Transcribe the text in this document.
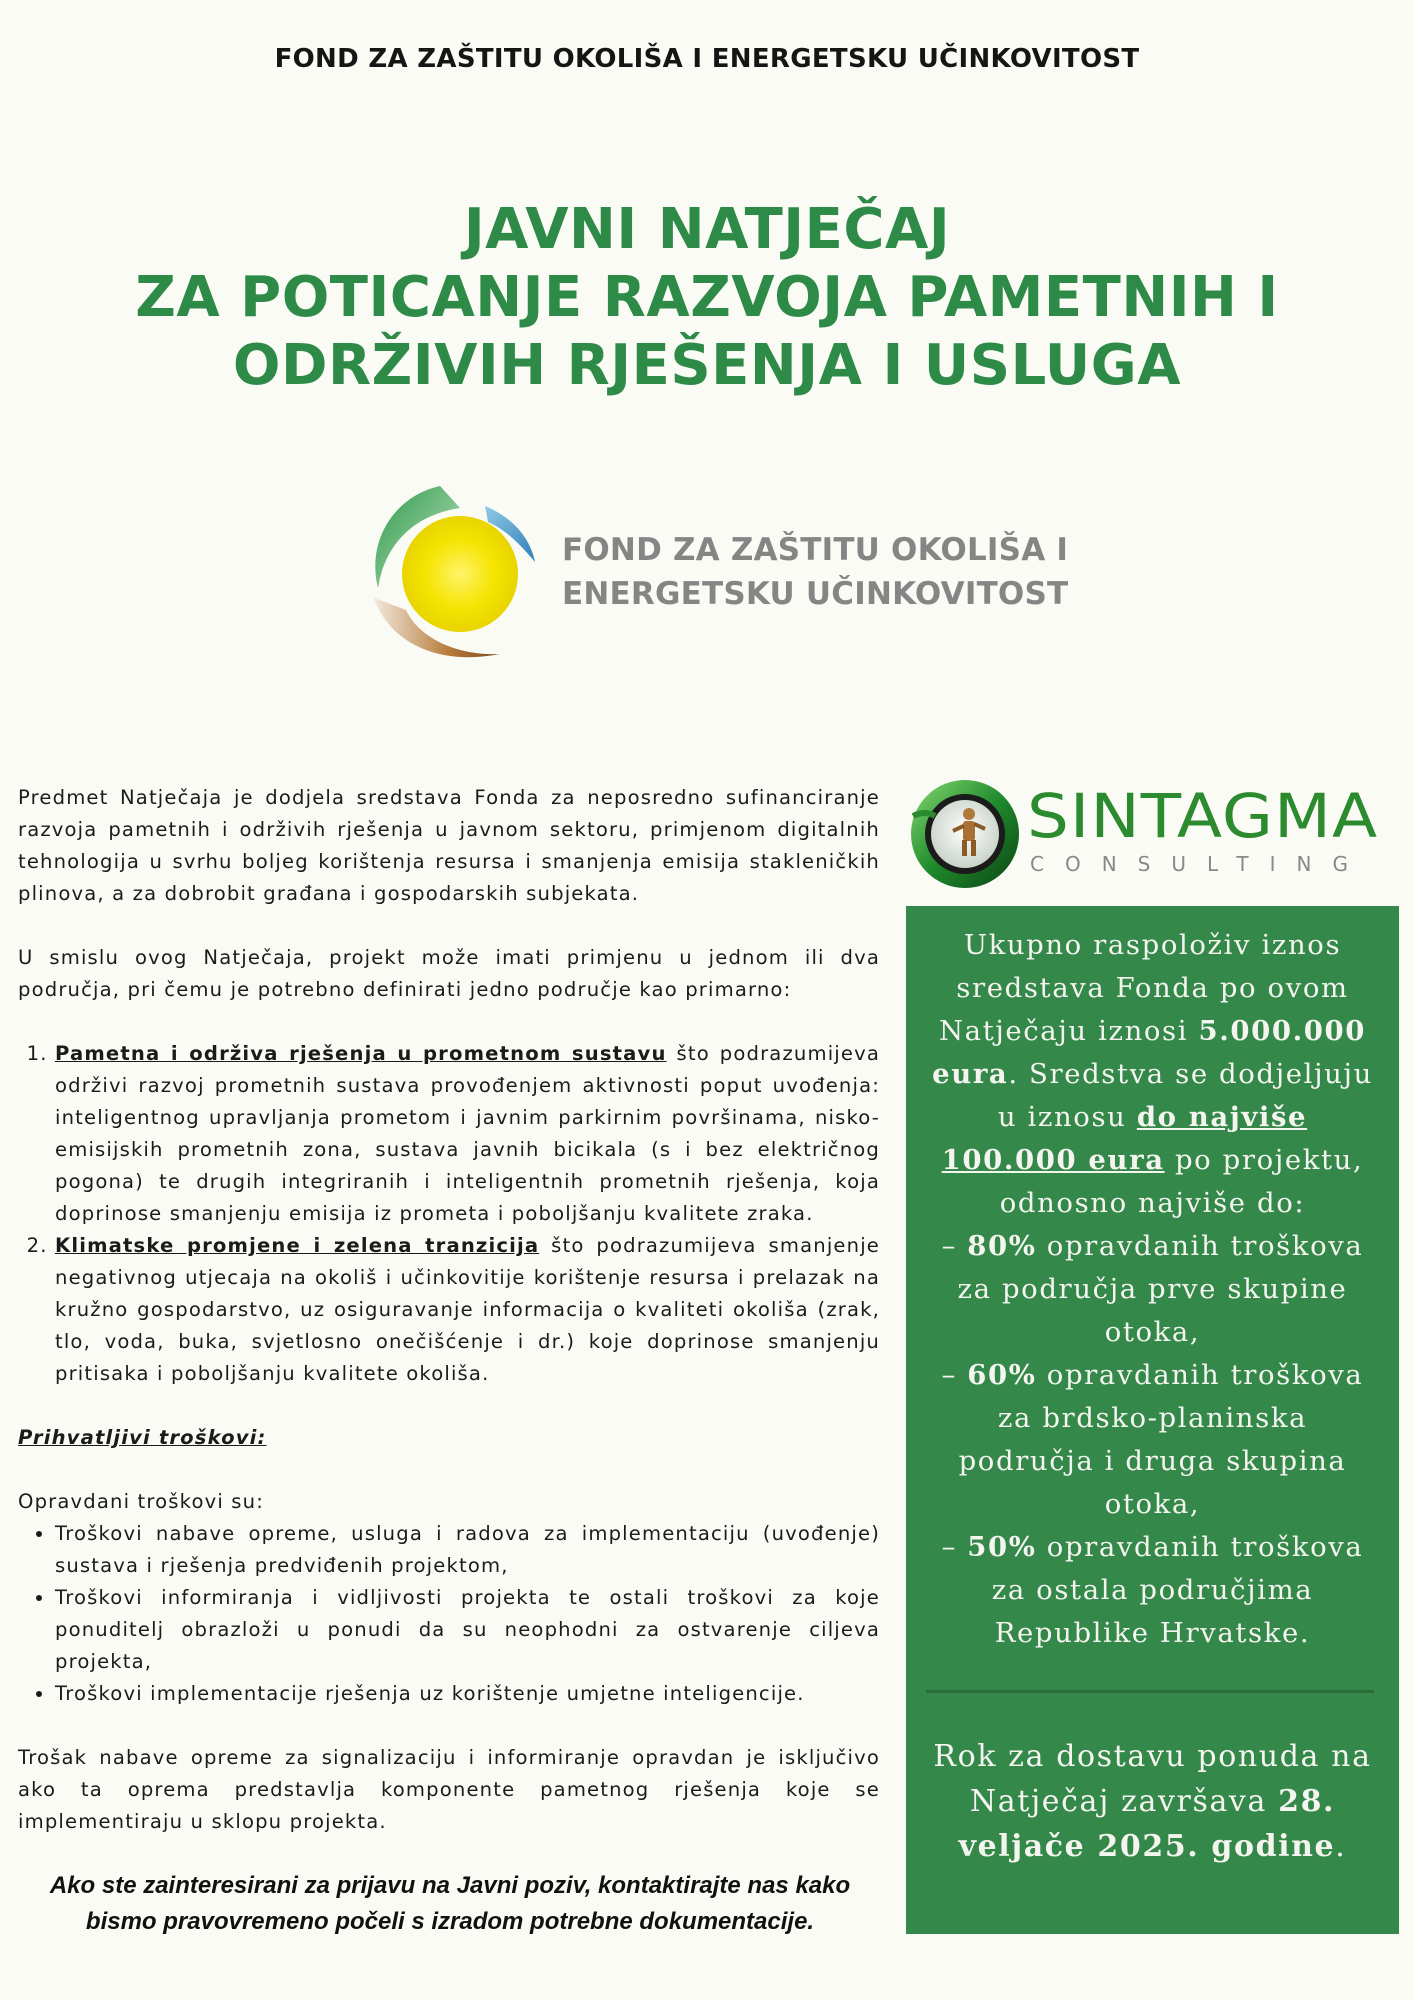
FOND ZA ZAŠTITU OKOLIŠA I ENERGETSKU UČINKOVITOST
JAVNI NATJEČAJ
ZA POTICANJE RAZVOJA PAMETNIH I
ODRŽIVIH RJEŠENJA I USLUGA
FOND ZA ZAŠTITU OKOLIŠA I
ENERGETSKU UČINKOVITOST

Predmet Natječaja je dodjela sredstava Fonda za neposredno sufinanciranje razvoja pametnih i održivih rješenja u javnom sektoru, primjenom digitalnih tehnologija u svrhu boljeg korištenja resursa i smanjenja emisija stakleničkih plinova, a za dobrobit građana i gospodarskih subjekata.

U smislu ovog Natječaja, projekt može imati primjenu u jednom ili dva područja, pri čemu je potrebno definirati jedno područje kao primarno:

1. Pametna i održiva rješenja u prometnom sustavu što podrazumijeva održivi razvoj prometnih sustava provođenjem aktivnosti poput uvođenja: inteligentnog upravljanja prometom i javnim parkirnim površinama, nisko-emisijskih prometnih zona, sustava javnih bicikala (s i bez električnog pogona) te drugih integriranih i inteligentnih prometnih rješenja, koja doprinose smanjenju emisija iz prometa i poboljšanju kvalitete zraka.
2. Klimatske promjene i zelena tranzicija što podrazumijeva smanjenje negativnog utjecaja na okoliš i učinkovitije korištenje resursa i prelazak na kružno gospodarstvo, uz osiguravanje informacija o kvaliteti okoliša (zrak, tlo, voda, buka, svjetlosno onečišćenje i dr.) koje doprinose smanjenju pritisaka i poboljšanju kvalitete okoliša.

Prihvatljivi troškovi:

Opravdani troškovi su:

• Troškovi nabave opreme, usluga i radova za implementaciju (uvođenje) sustava i rješenja predviđenih projektom,
• Troškovi informiranja i vidljivosti projekta te ostali troškovi za koje ponuditelj obrazloži u ponudi da su neophodni za ostvarenje ciljeva projekta,
• Troškovi implementacije rješenja uz korištenje umjetne inteligencije.

Trošak nabave opreme za signalizaciju i informiranje opravdan je isključivo ako ta oprema predstavlja komponente pametnog rješenja koje se implementiraju u sklopu projekta.

Ako ste zainteresirani za prijavu na Javni poziv, kontaktirajte nas kako bismo pravovremeno počeli s izradom potrebne dokumentacije.
SINTAGMA
CONSULTING
Ukupno raspoloživ iznos sredstava Fonda po ovom Natječaju iznosi 5.000.000 eura. Sredstva se dodjeljuju u iznosu do najviše 100.000 eura po projektu, odnosno najviše do:
– 80% opravdanih troškova za područja prve skupine otoka,
– 60% opravdanih troškova za brdsko-planinska područja i druga skupina otoka,
– 50% opravdanih troškova za ostala područjima Republike Hrvatske.
Rok za dostavu ponuda na Natječaj završava 28. veljače 2025. godine.
